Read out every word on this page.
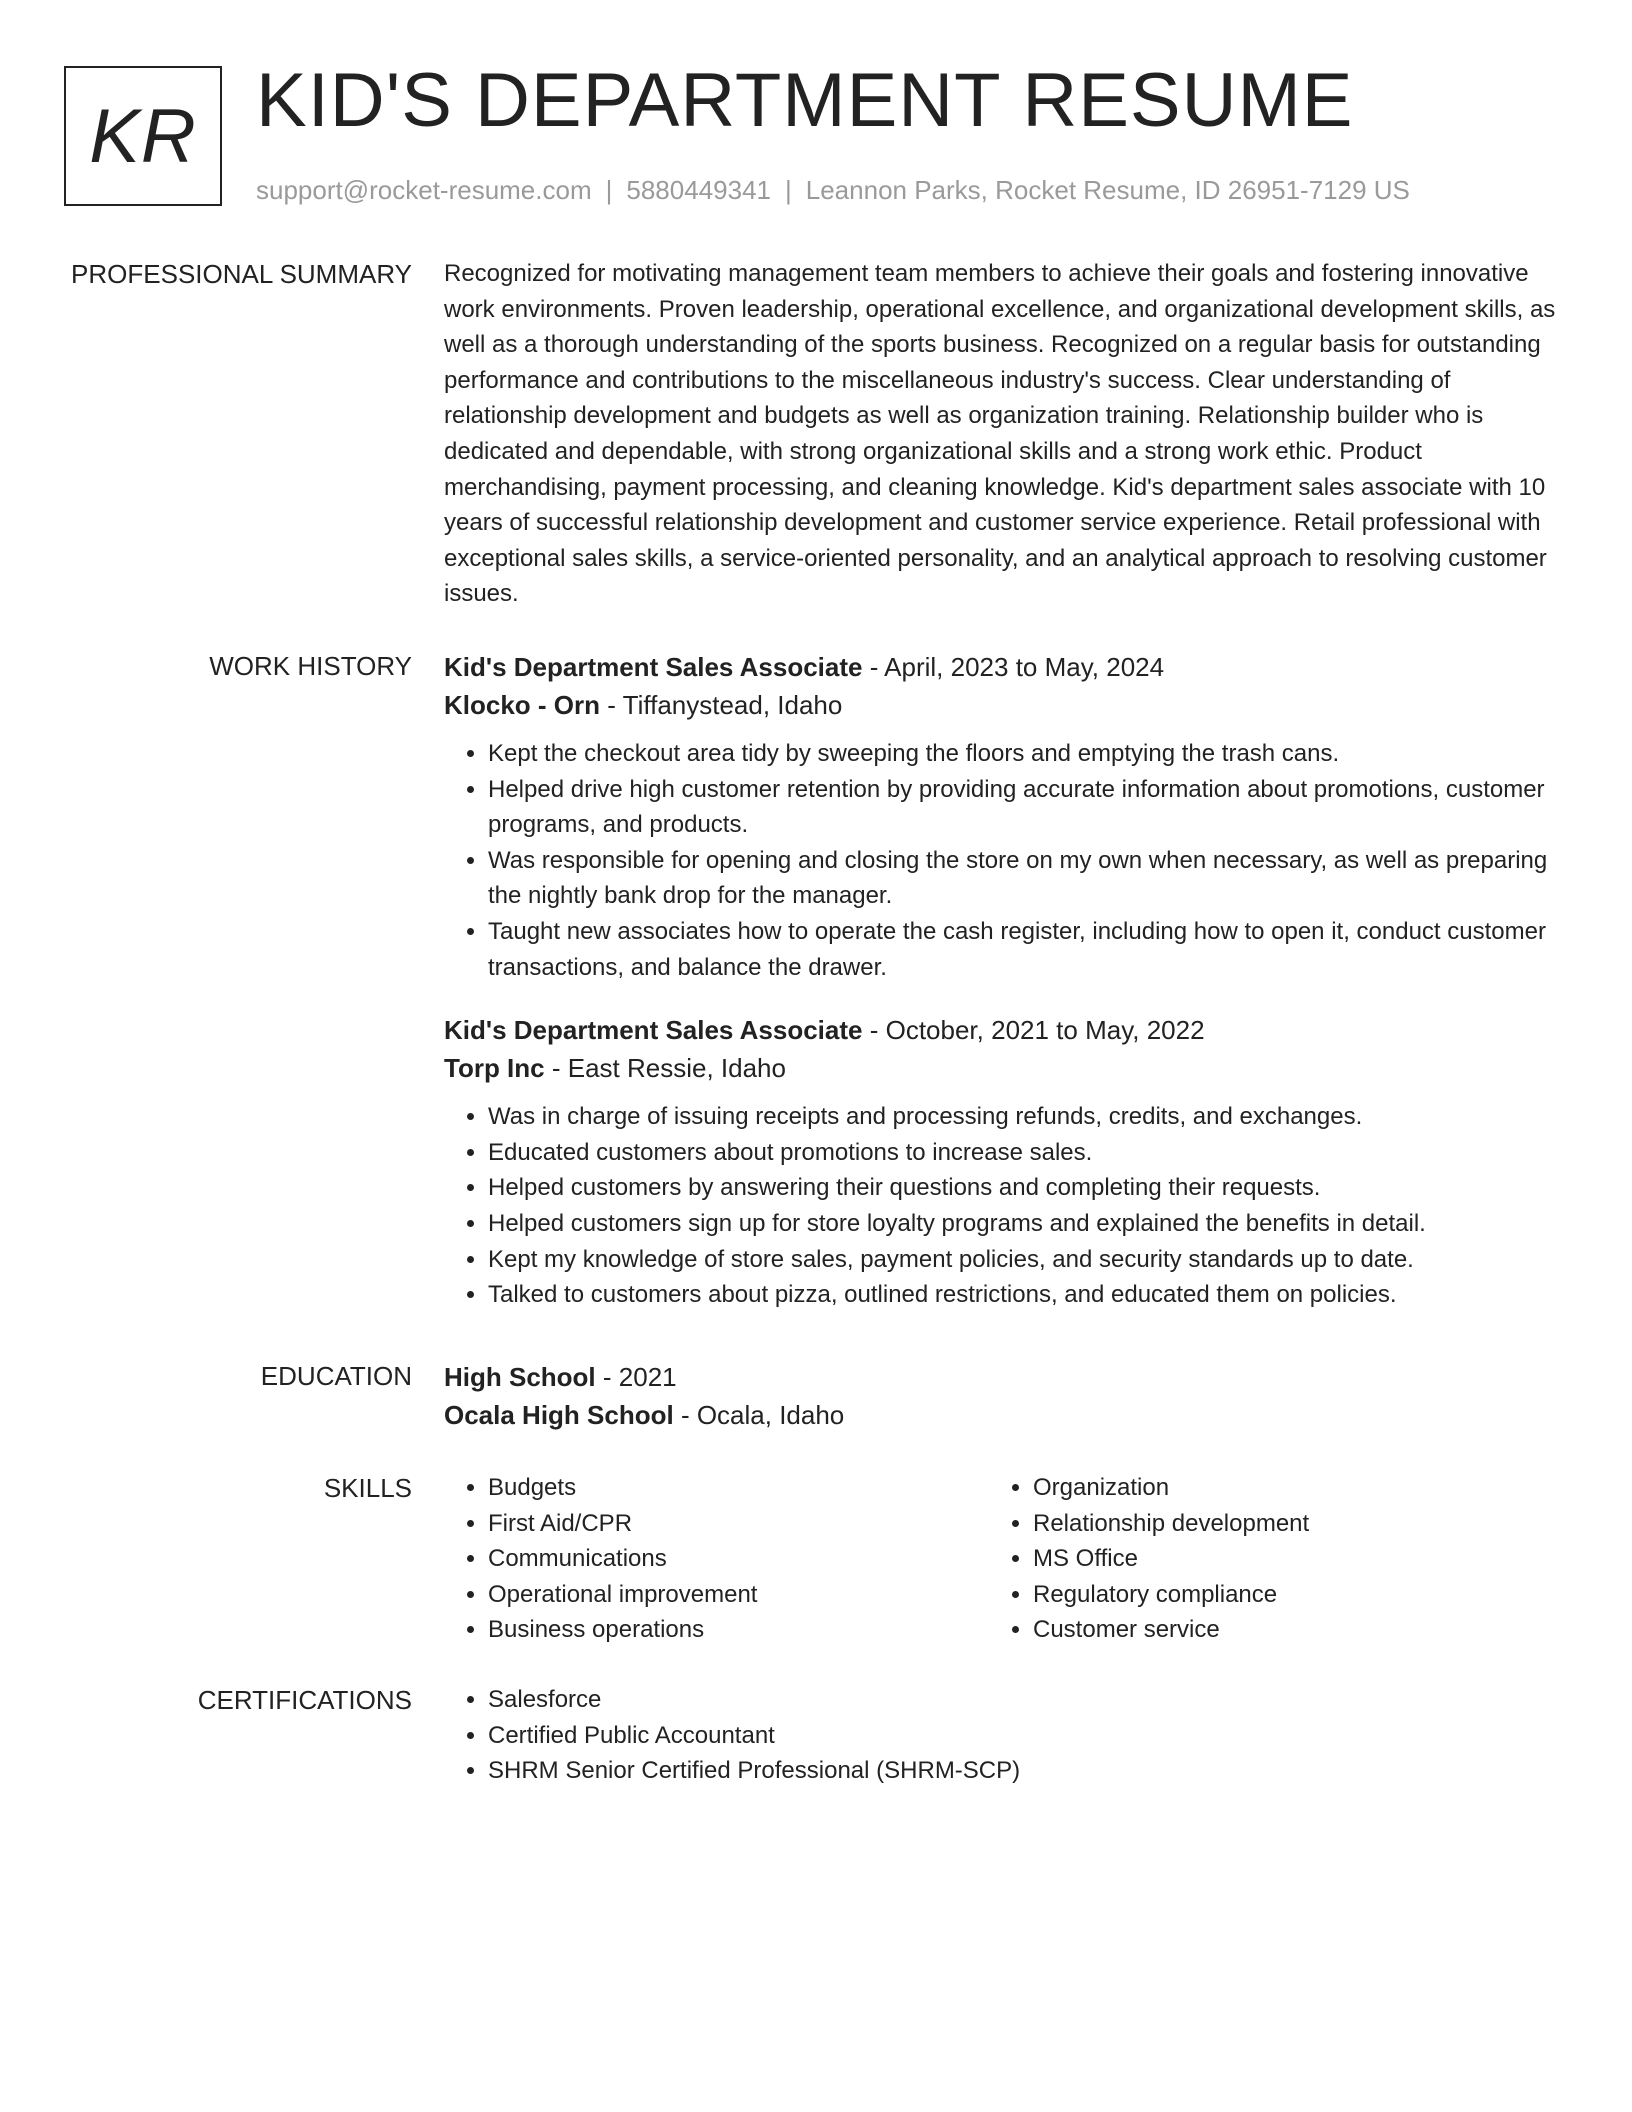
KR KID'S DEPARTMENT RESUME
support@rocket-resume.com | 5880449341 | Leannon Parks, Rocket Resume, ID 26951-7129 US
PROFESSIONAL SUMMARY Recognized for motivating management team members to achieve their goals and fostering innovative work environments. Proven leadership, operational excellence, and organizational development skills, as well as a thorough understanding of the sports business. Recognized on a regular basis for outstanding performance and contributions to the miscellaneous industry's success. Clear understanding of relationship development and budgets as well as organization training. Relationship builder who is dedicated and dependable, with strong organizational skills and a strong work ethic. Product merchandising, payment processing, and cleaning knowledge. Kid's department sales associate with 10 years of successful relationship development and customer service experience. Retail professional with exceptional sales skills, a service-oriented personality, and an analytical approach to resolving customer issues.

WORK HISTORY Kid's Department Sales Associate - April, 2023 to May, 2024
Klocko - Orn - Tiffanystead, Idaho
• Kept the checkout area tidy by sweeping the floors and emptying the trash cans.
• Helped drive high customer retention by providing accurate information about promotions, customer programs, and products.
• Was responsible for opening and closing the store on my own when necessary, as well as preparing the nightly bank drop for the manager.
• Taught new associates how to operate the cash register, including how to open it, conduct customer transactions, and balance the drawer.
Kid's Department Sales Associate - October, 2021 to May, 2022
Torp Inc - East Ressie, Idaho
• Was in charge of issuing receipts and processing refunds, credits, and exchanges.
• Educated customers about promotions to increase sales.
• Helped customers by answering their questions and completing their requests.
• Helped customers sign up for store loyalty programs and explained the benefits in detail.
• Kept my knowledge of store sales, payment policies, and security standards up to date.
• Talked to customers about pizza, outlined restrictions, and educated them on policies.
EDUCATION High School - 2021
Ocala High School - Ocala, Idaho
SKILLS	• Budgets
• First Aid/CPR
• Communications
• Operational improvement
• Business operations
• Organization
• Relationship development
• MS Office
• Regulatory compliance
• Customer service
CERTIFICATIONS	• Salesforce
• Certified Public Accountant
• SHRM Senior Certified Professional (SHRM-SCP)
